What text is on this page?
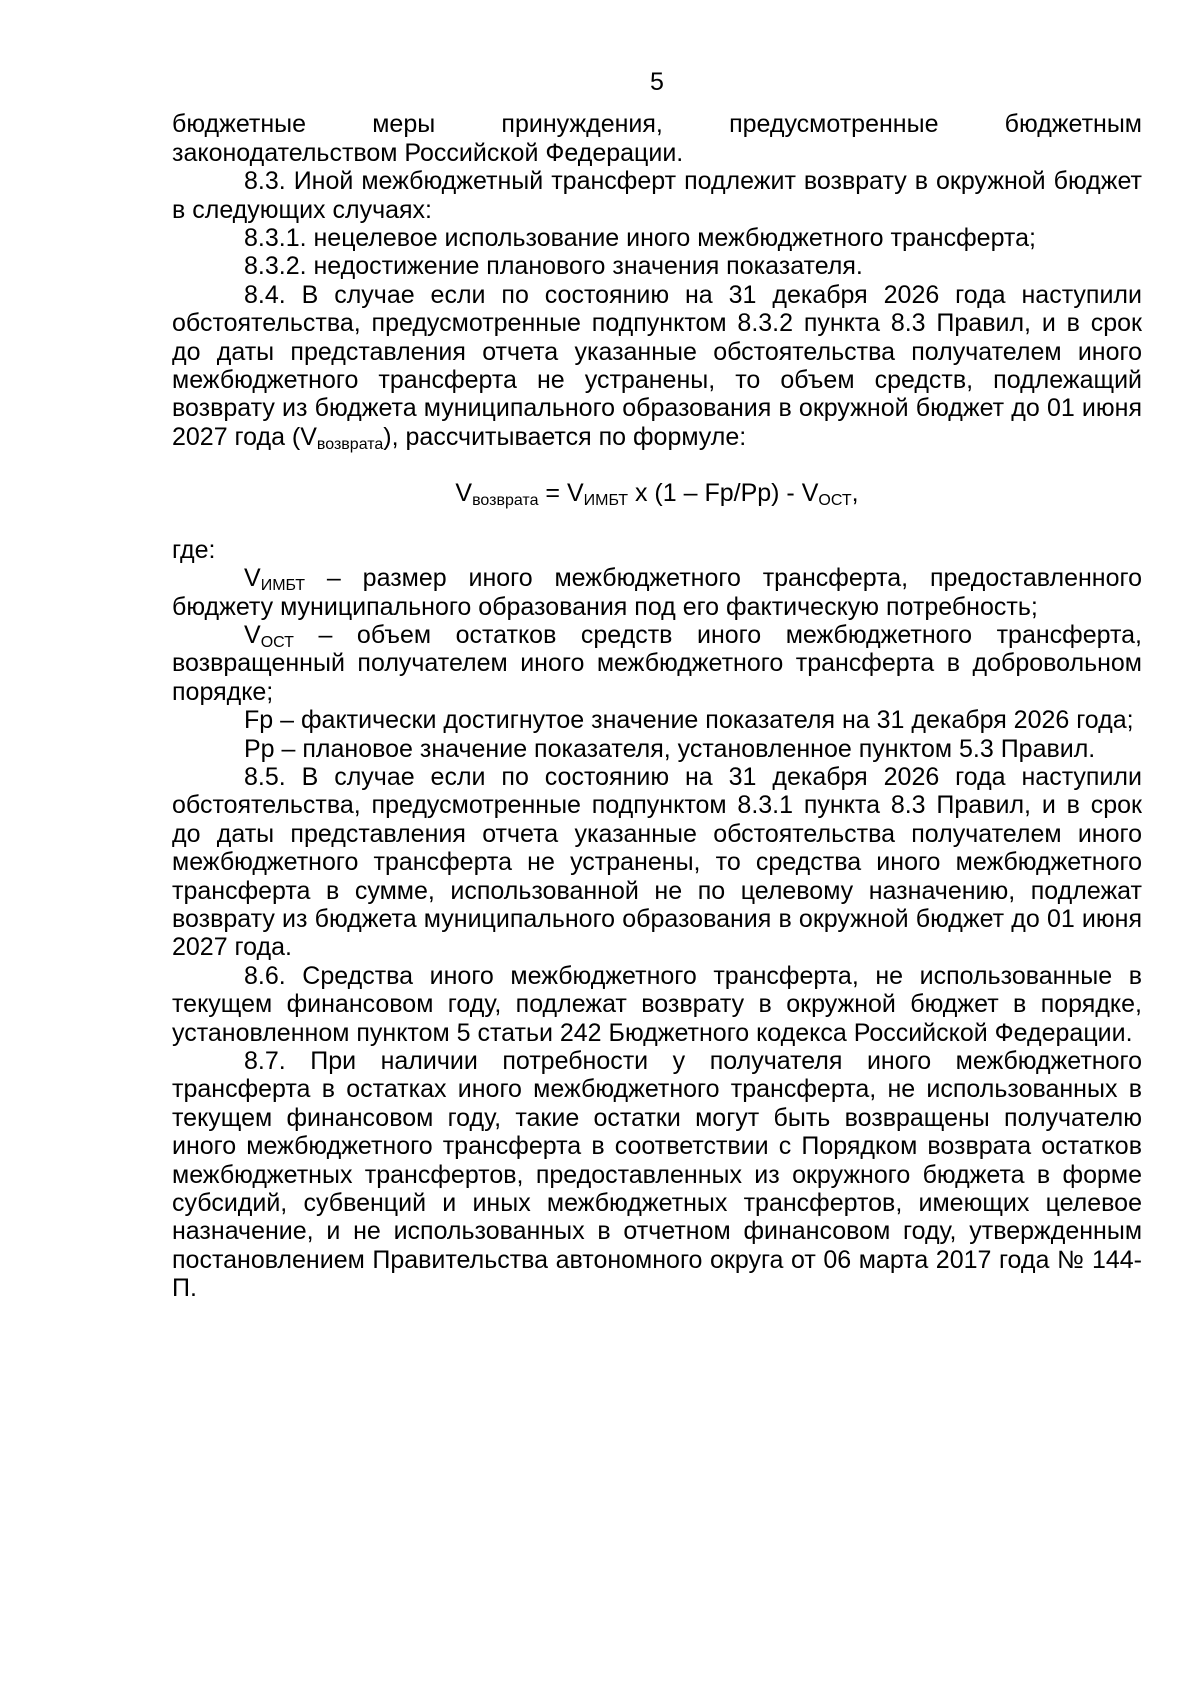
5

бюджетные меры принуждения, предусмотренные бюджетным

законодательством Российской Федерации.

8.3. Иной межбюджетный трансферт подлежит возврату в окружной бюджет в следующих случаях:

8.3.1. нецелевое использование иного межбюджетного трансферта;

8.3.2. недостижение планового значения показателя.

8.4. В случае если по состоянию на 31 декабря 2026 года наступили обстоятельства, предусмотренные подпунктом 8.3.2 пункта 8.3 Правил, и в срок до даты представления отчета указанные обстоятельства получателем иного межбюджетного трансферта не устранены, то объем средств, подлежащий возврату из бюджета муниципального образования в окружной бюджет до 01 июня 2027 года $(V_{возврата})$, рассчитывается по формуле:

$V_{возврата} = V_{ИМБТ}$ x $(1 - Fp/Pp) - V_{ОСТ}$,

где:

$V_{ИМБТ}$ – размер иного межбюджетного трансферта, предоставленного бюджету муниципального образования под его фактическую потребность;

$V_{ОСТ}$ – объем остатков средств иного межбюджетного трансферта, возвращенный получателем иного межбюджетного трансферта в добровольном порядке;

Fp – фактически достигнутое значение показателя на 31 декабря 2026 года;

Pp – плановое значение показателя, установленное пунктом 5.3 Правил.

8.5. В случае если по состоянию на 31 декабря 2026 года наступили обстоятельства, предусмотренные подпунктом 8.3.1 пункта 8.3 Правил, и в срок до даты представления отчета указанные обстоятельства получателем иного межбюджетного трансферта не устранены, то средства иного межбюджетного трансферта в сумме, использованной не по целевому назначению, подлежат возврату из бюджета муниципального образования в окружной бюджет до 01 июня 2027 года.

8.6. Средства иного межбюджетного трансферта, не использованные в текущем финансовом году, подлежат возврату в окружной бюджет в порядке, установленном пунктом 5 статьи 242 Бюджетного кодекса Российской Федерации.

8.7. При наличии потребности у получателя иного межбюджетного трансферта в остатках иного межбюджетного трансферта, не использованных в текущем финансовом году, такие остатки могут быть возвращены получателю иного межбюджетного трансферта в соответствии с Порядком возврата остатков межбюджетных трансфертов, предоставленных из окружного бюджета в форме субсидий, субвенций и иных межбюджетных трансфертов, имеющих целевое назначение, и не использованных в отчетном финансовом году, утвержденным постановлением Правительства автономного округа от 06 марта 2017 года № 144-П.
